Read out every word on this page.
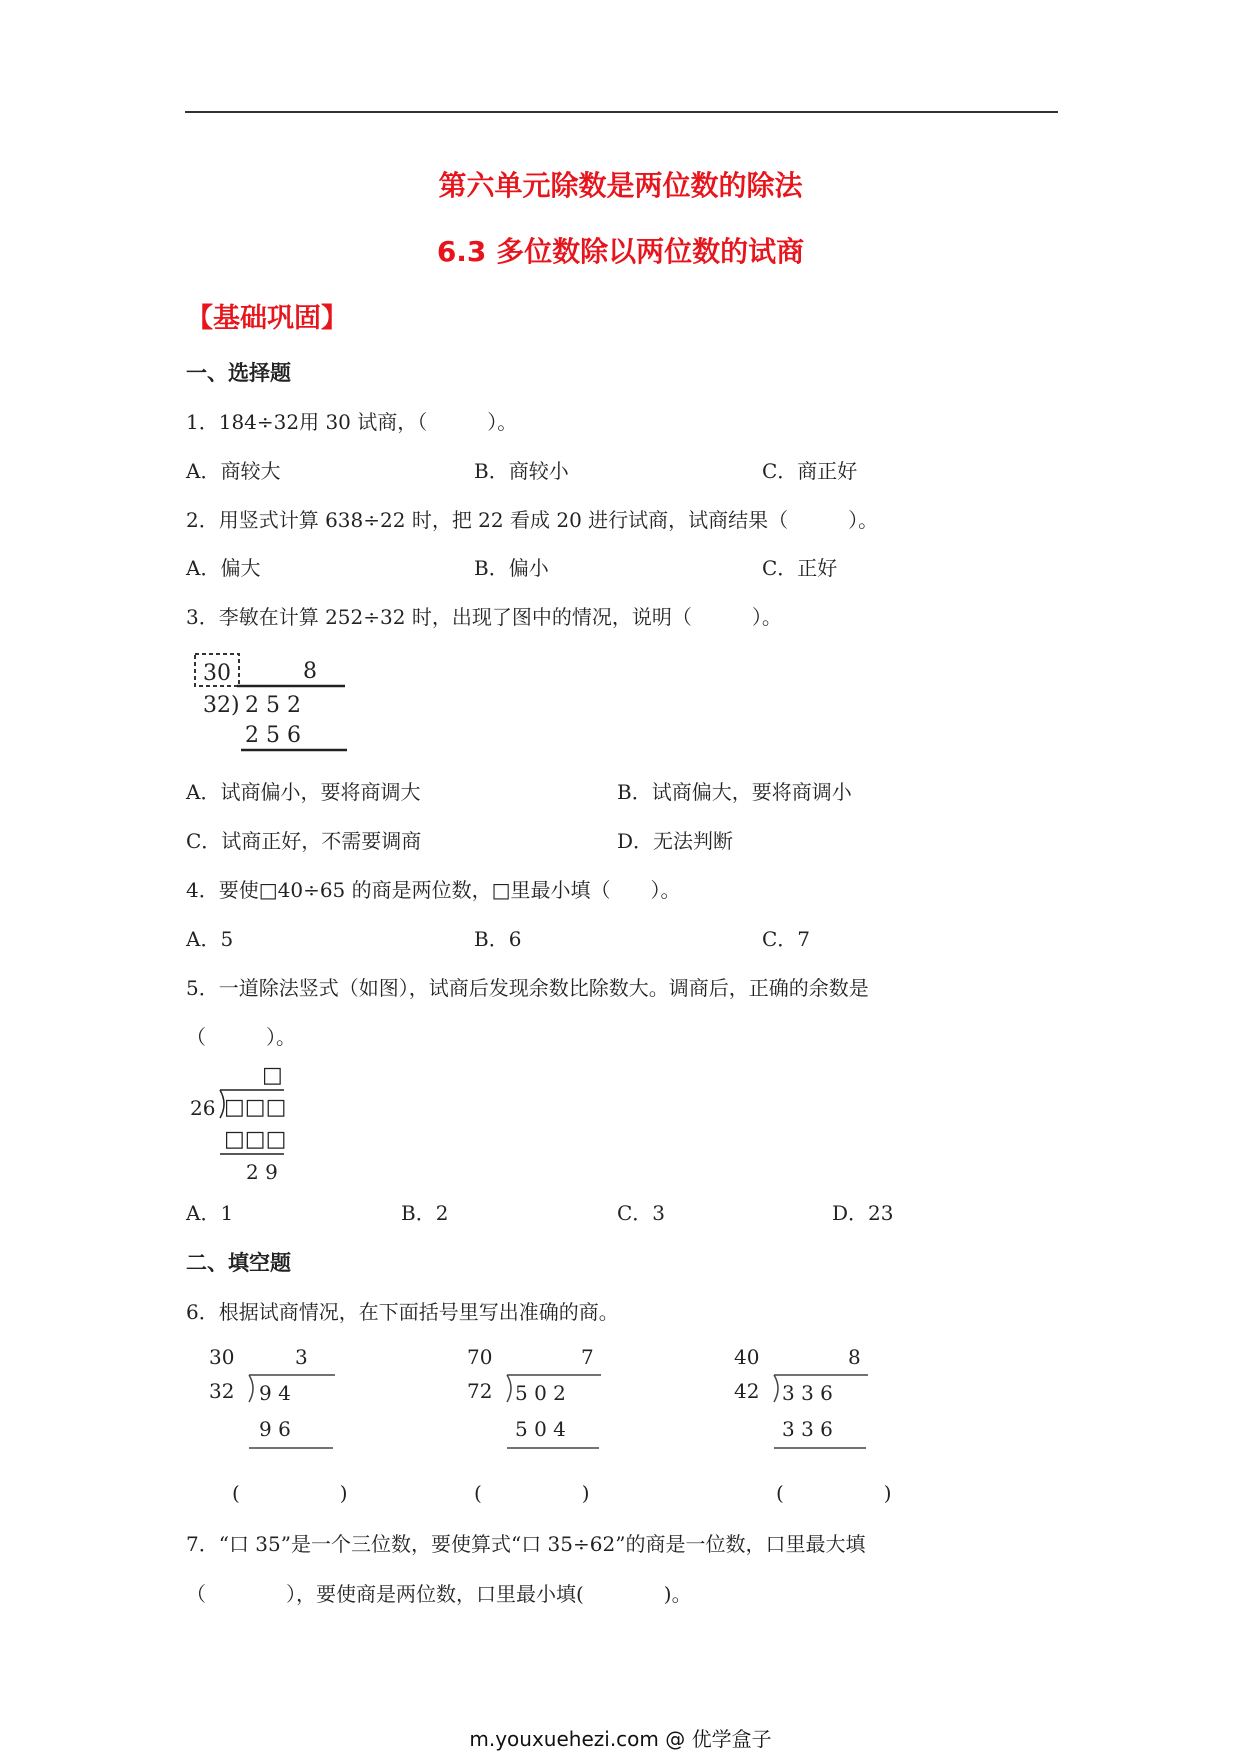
第六单元除数是两位数的除法
6.3 多位数除以两位数的试商
【基础巩固】
一、选择题
1．184÷32用 30 试商，（　　　）。
A．商较大	B．商较小	C．商正好
2．用竖式计算 638÷22 时，把 22 看成 20 进行试商，试商结果（　　　）。
A．偏大	B．偏小	C．正好
3．李敏在计算 252÷32 时，出现了图中的情况，说明（　　　）。
30	8
32) 2 5 2
2 5 6
A．试商偏小，要将商调大	B．试商偏大，要将商调小
C．试商正好，不需要调商	D．无法判断
4．要使□40÷65 的商是两位数，□里最小填（　　）。
A．5	B．6	C．7
5．一道除法竖式（如图），试商后发现余数比除数大。调商后，正确的余数是
（　　　）。
□
26 □□□
□□□
2 9
A．1	B．2	C．3	D．23
二、填空题
6．根据试商情况，在下面括号里写出准确的商。
30	3
32 9 4
9 6
(　　　　　)
70	7
72 5 0 2
5 0 4
(　　　　　)
40	8
42 3 3 6
3 3 6
(　　　　　)
7．“口 35”是一个三位数，要使算式“口 35÷62”的商是一位数，口里最大填
（　　　　），要使商是两位数，口里最小填(　　　　)。
m.youxuehezi.com @ 优学盒子
